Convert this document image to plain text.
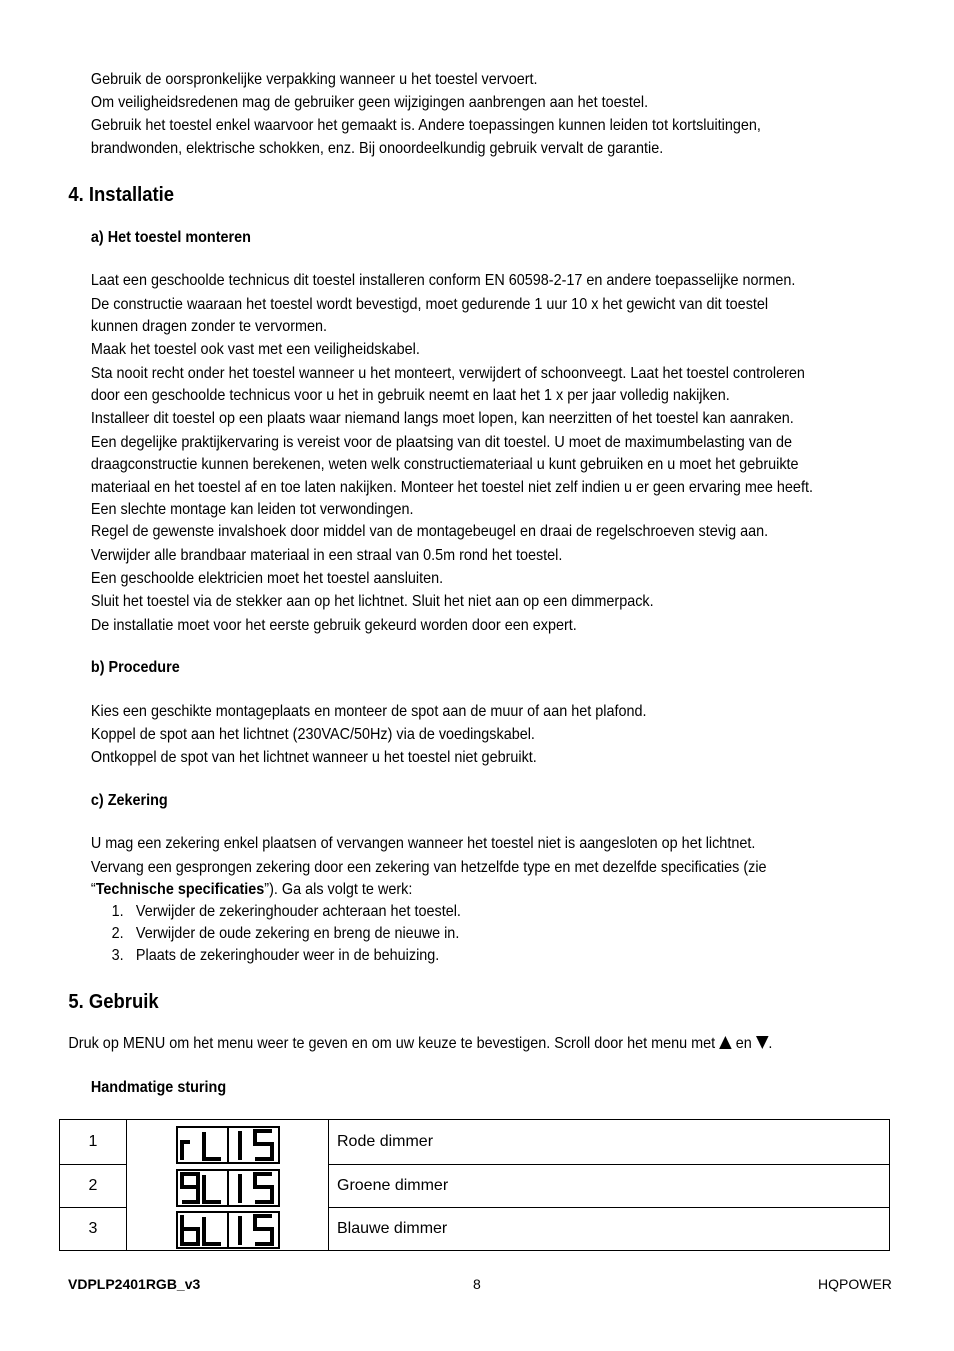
Gebruik de oorspronkelijke verpakking wanneer u het toestel vervoert.
Om veiligheidsredenen mag de gebruiker geen wijzigingen aanbrengen aan het toestel.
Gebruik het toestel enkel waarvoor het gemaakt is. Andere toepassingen kunnen leiden tot kortsluitingen,
brandwonden, elektrische schokken, enz. Bij onoordeelkundig gebruik vervalt de garantie.
4. Installatie
a) Het toestel monteren
Laat een geschoolde technicus dit toestel installeren conform EN 60598-2-17 en andere toepasselijke normen.
De constructie waaraan het toestel wordt bevestigd, moet gedurende 1 uur 10 x het gewicht van dit toestel
kunnen dragen zonder te vervormen.
Maak het toestel ook vast met een veiligheidskabel.
Sta nooit recht onder het toestel wanneer u het monteert, verwijdert of schoonveegt. Laat het toestel controleren
door een geschoolde technicus voor u het in gebruik neemt en laat het 1 x per jaar volledig nakijken.
Installeer dit toestel op een plaats waar niemand langs moet lopen, kan neerzitten of het toestel kan aanraken.
Een degelijke praktijkervaring is vereist voor de plaatsing van dit toestel. U moet de maximumbelasting van de
draagconstructie kunnen berekenen, weten welk constructiemateriaal u kunt gebruiken en u moet het gebruikte
materiaal en het toestel af en toe laten nakijken. Monteer het toestel niet zelf indien u er geen ervaring mee heeft.
Een slechte montage kan leiden tot verwondingen.
Regel de gewenste invalshoek door middel van de montagebeugel en draai de regelschroeven stevig aan.
Verwijder alle brandbaar materiaal in een straal van 0.5m rond het toestel.
Een geschoolde elektricien moet het toestel aansluiten.
Sluit het toestel via de stekker aan op het lichtnet. Sluit het niet aan op een dimmerpack.
De installatie moet voor het eerste gebruik gekeurd worden door een expert.
b) Procedure
Kies een geschikte montageplaats en monteer de spot aan de muur of aan het plafond.
Koppel de spot aan het lichtnet (230VAC/50Hz) via de voedingskabel.
Ontkoppel de spot van het lichtnet wanneer u het toestel niet gebruikt.
c) Zekering
U mag een zekering enkel plaatsen of vervangen wanneer het toestel niet is aangesloten op het lichtnet.
Vervang een gesprongen zekering door een zekering van hetzelfde type en met dezelfde specificaties (zie
“Technische specificaties”). Ga als volgt te werk:
1. Verwijder de zekeringhouder achteraan het toestel.
2. Verwijder de oude zekering en breng de nieuwe in.
3. Plaats de zekeringhouder weer in de behuizing.
5. Gebruik
Druk op MENU om het menu weer te geven en om uw keuze te bevestigen. Scroll door het menu met  en .
Handmatige sturing
1		Rode dimmer
2		Groene dimmer
3		Blauwe dimmer
VDPLP2401RGB_v3	8	HQPOWER
